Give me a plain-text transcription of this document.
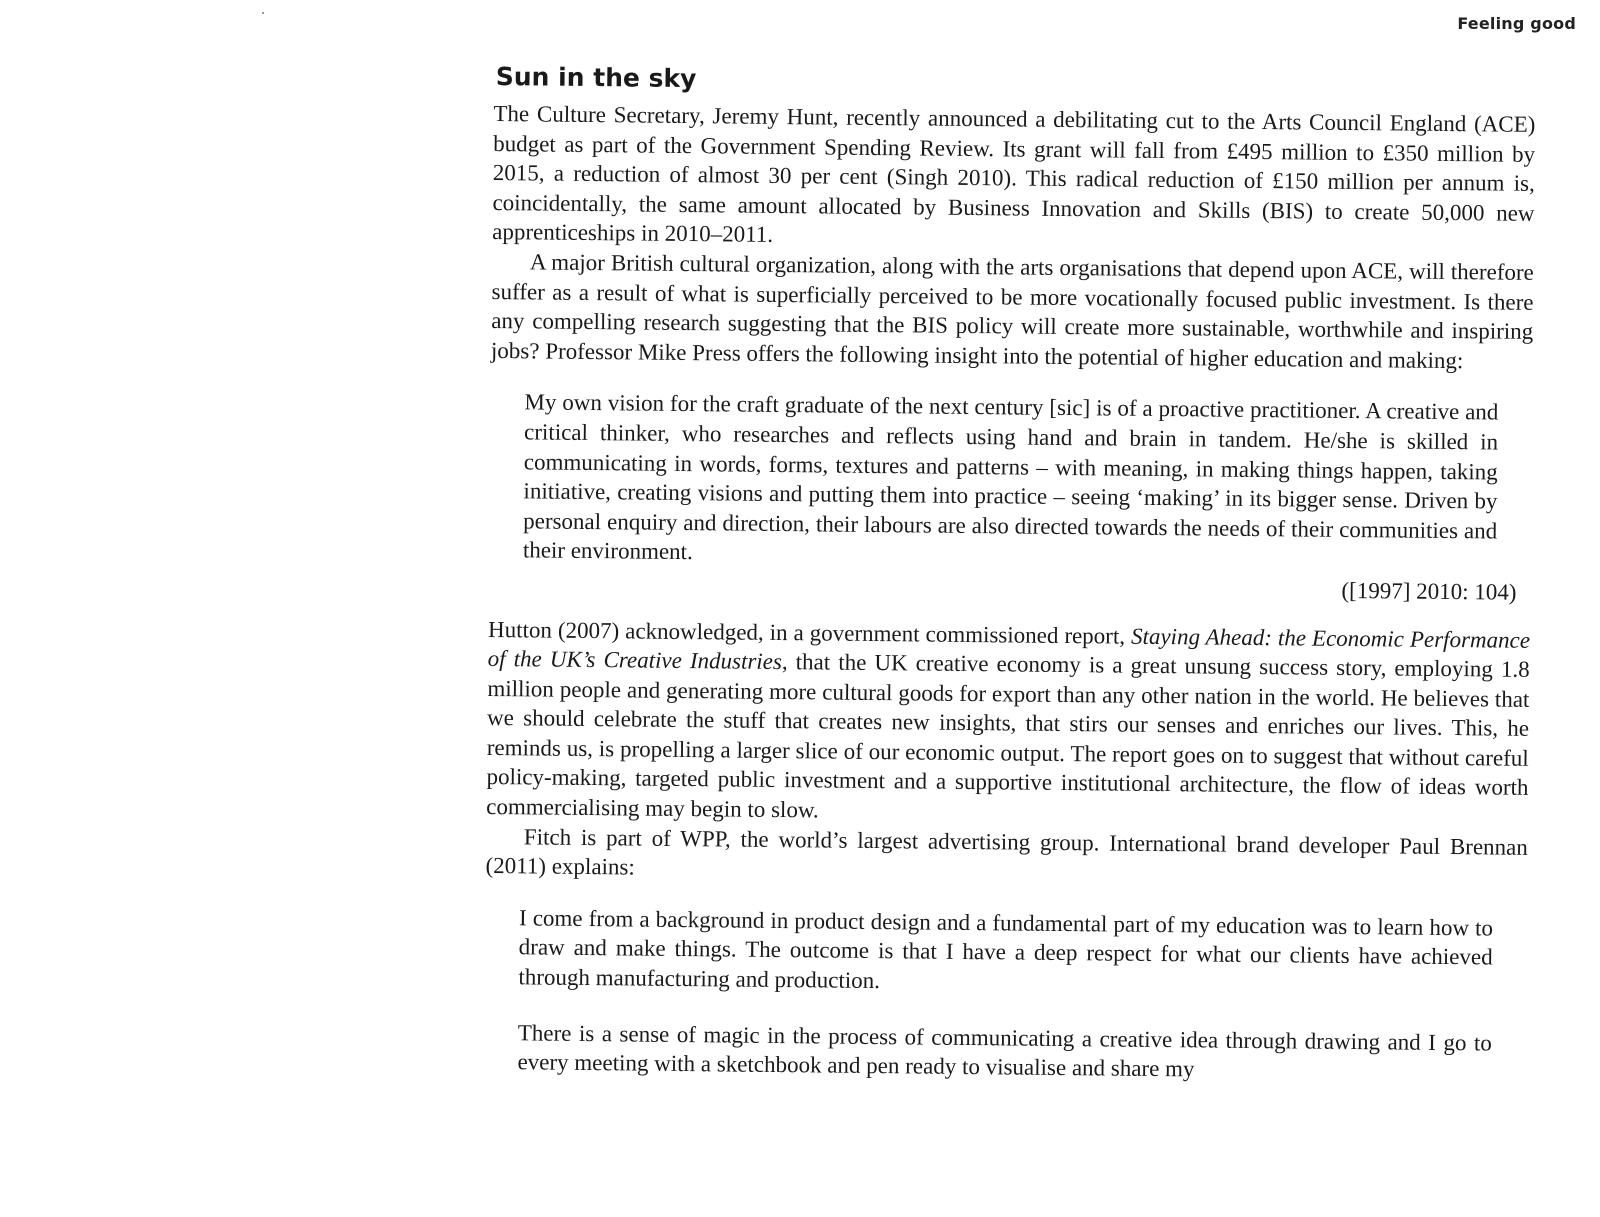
Feeling good
Sun in the sky

The Culture Secretary, Jeremy Hunt, recently announced a debilitating cut to the Arts Council England (ACE) budget as part of the Government Spending Review. Its grant will fall from £495 million to £350 million by 2015, a reduction of almost 30 per cent (Singh 2010). This radical reduction of £150 million per annum is, coincidentally, the same amount allocated by Business Innovation and Skills (BIS) to create 50,000 new apprenticeships in 2010–2011.

A major British cultural organization, along with the arts organisations that depend upon ACE, will therefore suffer as a result of what is superficially perceived to be more vocationally focused public investment. Is there any compelling research suggesting that the BIS policy will create more sustainable, worthwhile and inspiring jobs? Professor Mike Press offers the following insight into the potential of higher education and making:

My own vision for the craft graduate of the next century [sic] is of a proactive practitioner. A creative and critical thinker, who researches and reflects using hand and brain in tandem. He/she is skilled in communicating in words, forms, textures and patterns – with meaning, in making things happen, taking initiative, creating visions and putting them into practice – seeing ‘making’ in its bigger sense. Driven by personal enquiry and direction, their labours are also directed towards the needs of their communities and their environment.

([1997] 2010: 104)

Hutton (2007) acknowledged, in a government commissioned report, Staying Ahead: the Economic Performance of the UK’s Creative Industries, that the UK creative economy is a great unsung success story, employing 1.8 million people and generating more cultural goods for export than any other nation in the world. He believes that we should celebrate the stuff that creates new insights, that stirs our senses and enriches our lives. This, he reminds us, is propelling a larger slice of our economic output. The report goes on to suggest that without careful policy-making, targeted public investment and a supportive institutional architecture, the flow of ideas worth commercialising may begin to slow.

Fitch is part of WPP, the world’s largest advertising group. International brand developer Paul Brennan (2011) explains:

I come from a background in product design and a fundamental part of my education was to learn how to draw and make things. The outcome is that I have a deep respect for what our clients have achieved through manufacturing and production.

There is a sense of magic in the process of communicating a creative idea through drawing and I go to every meeting with a sketchbook and pen ready to visualise and share my
